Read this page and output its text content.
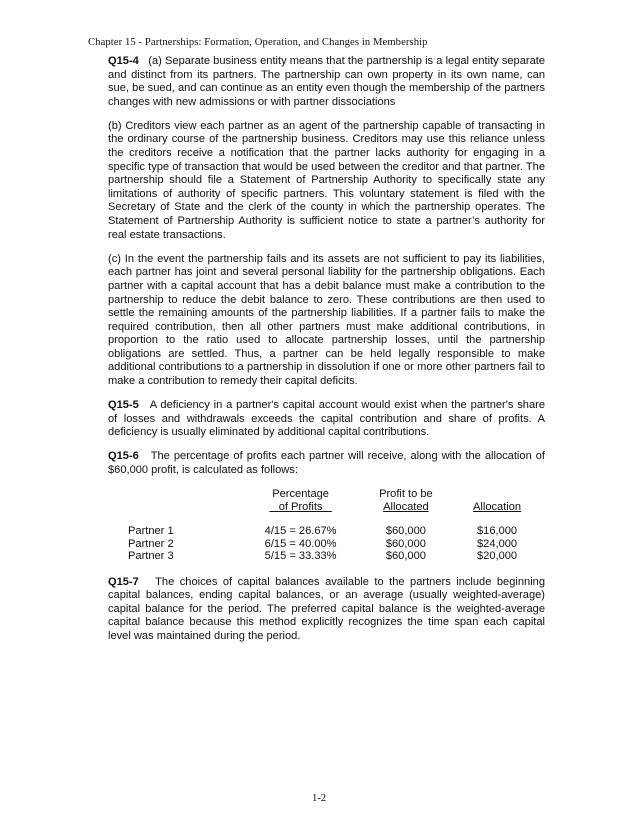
Chapter 15 - Partnerships: Formation, Operation, and Changes in Membership

Q15-4 (a) Separate business entity means that the partnership is a legal entity separate and distinct from its partners. The partnership can own property in its own name, can sue, be sued, and can continue as an entity even though the membership of the partners changes with new admissions or with partner dissociations

(b) Creditors view each partner as an agent of the partnership capable of transacting in the ordinary course of the partnership business. Creditors may use this reliance unless the creditors receive a notification that the partner lacks authority for engaging in a specific type of transaction that would be used between the creditor and that partner. The partnership should file a Statement of Partnership Authority to specifically state any limitations of authority of specific partners. This voluntary statement is filed with the Secretary of State and the clerk of the county in which the partnership operates. The Statement of Partnership Authority is sufficient notice to state a partner’s authority for real estate transactions.

(c) In the event the partnership fails and its assets are not sufficient to pay its liabilities, each partner has joint and several personal liability for the partnership obligations. Each partner with a capital account that has a debit balance must make a contribution to the partnership to reduce the debit balance to zero. These contributions are then used to settle the remaining amounts of the partnership liabilities. If a partner fails to make the required contribution, then all other partners must make additional contributions, in proportion to the ratio used to allocate partnership losses, until the partnership obligations are settled. Thus, a partner can be held legally responsible to make additional contributions to a partnership in dissolution if one or more other partners fail to make a contribution to remedy their capital deficits.

Q15-5 A deficiency in a partner's capital account would exist when the partner's share of losses and withdrawals exceeds the capital contribution and share of profits. A deficiency is usually eliminated by additional capital contributions.

Q15-6 The percentage of profits each partner will receive, along with the allocation of $60,000 profit, is calculated as follows:

	Percentage	Profit to be	
	of Profits	Allocated	Allocation

Partner 1	4/15 = 26.67%	$60,000	$16,000
Partner 2	6/15 = 40.00%	$60,000	$24,000
Partner 3	5/15 = 33.33%	$60,000	$20,000

Q15-7 The choices of capital balances available to the partners include beginning capital balances, ending capital balances, or an average (usually weighted-average) capital balance for the period. The preferred capital balance is the weighted-average capital balance because this method explicitly recognizes the time span each capital level was maintained during the period.

1-2
